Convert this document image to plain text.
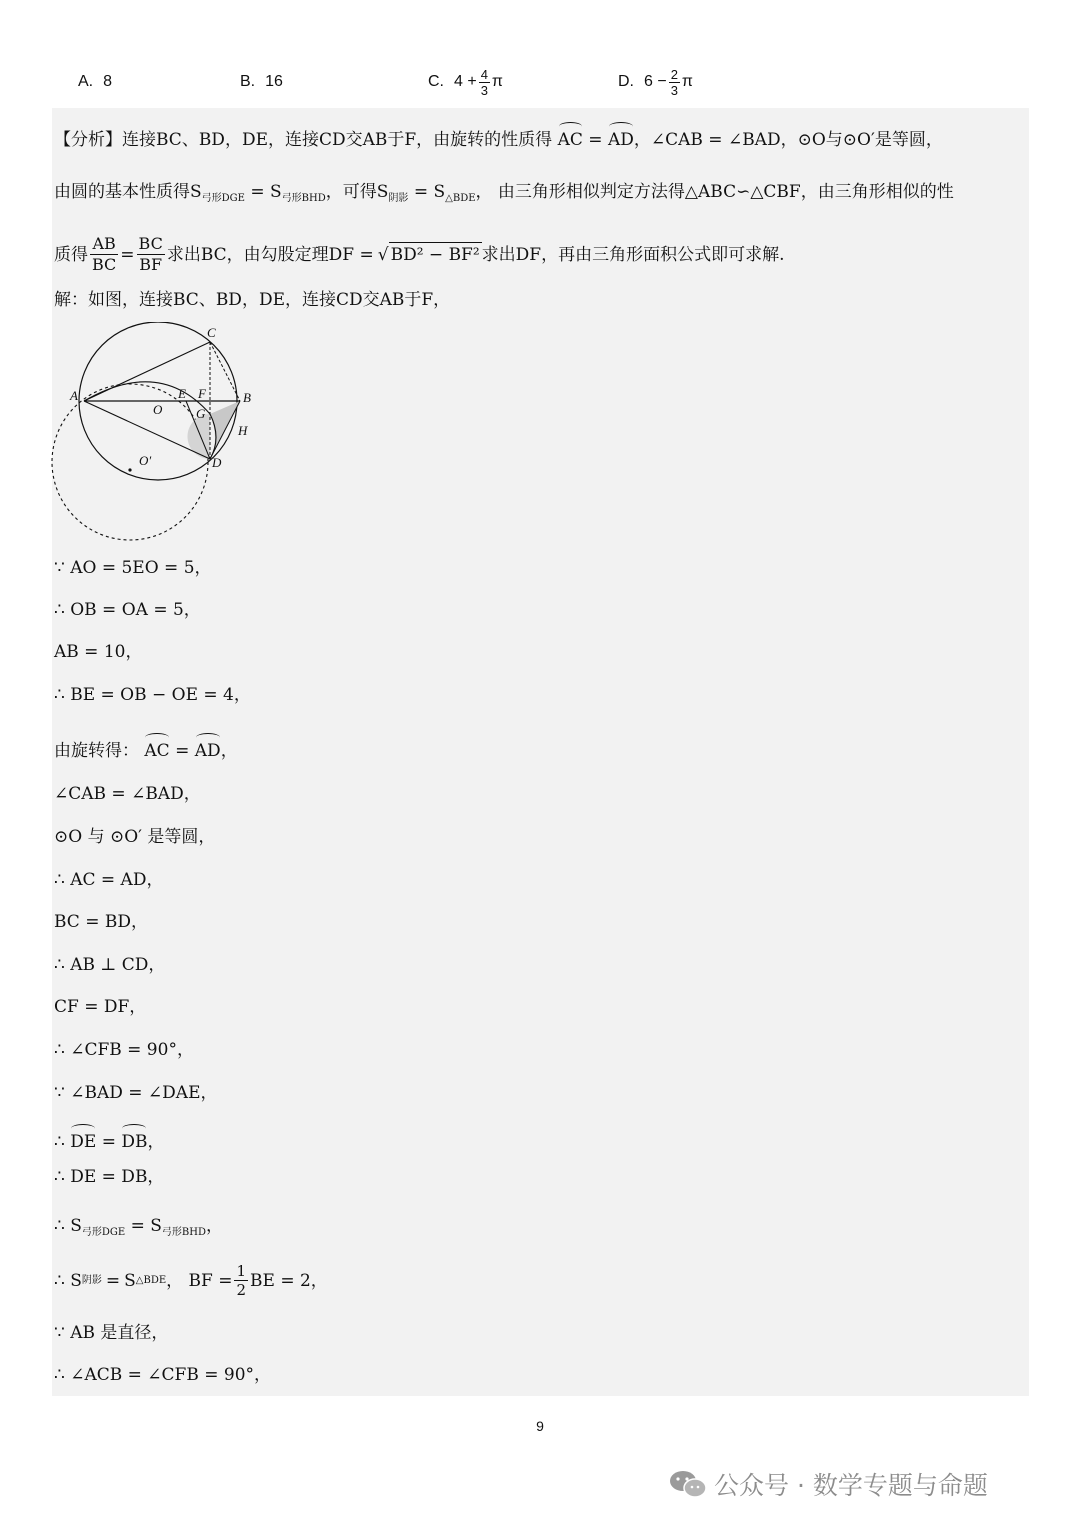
A. 8	B. 16	C. $4 + \frac{4}{3}$ π	D. $6 - \frac{2}{3}$ π
【分析】连接BC、BD，DE，连接CD交AB于F，由旋转的性质得 AC = AD，∠CAB = ∠BAD，⊙O与⊙O′是等圆，
由圆的基本性质得$S_{弓形DGE} = S_{弓形BHD}$，可得$S_{阴影} = S_{\triangle BDE}$， 由三角形相似判定方法得△ABC∽△CBF，由三角形相似的性
质得 $\frac{AB}{BC} = \frac{BC}{BF}$ 求出BC，由勾股定理DF = √ BD² − BF² 求出DF，再由三角形面积公式即可求解.
解：如图，连接BC、BD，DE，连接CD交AB于F，
A	B
C
D
E F
G
H
O
O′
∵ AO = 5EO = 5，
∴ OB = OA = 5，
AB = 10，
∴ BE = OB − OE = 4，
由旋转得： AC = AD，
∠CAB = ∠BAD，
⊙O 与 ⊙O′ 是等圆，
∴ AC = AD，
BC = BD，
∴ AB ⊥ CD，
CF = DF，
∴ ∠CFB = 90°，
∵ ∠BAD = ∠DAE，
∴ DE = DB，
∴ DE = DB，
∴ $S_{弓形DGE} = S_{弓形BHD}$，
∴ S 阴影 = S △BDE ， BF = $\frac{1}{2}$ BE = 2，
∵ AB 是直径，
∴ ∠ACB = ∠CFB = 90°，
9
公众号 · 数学专题与命题
